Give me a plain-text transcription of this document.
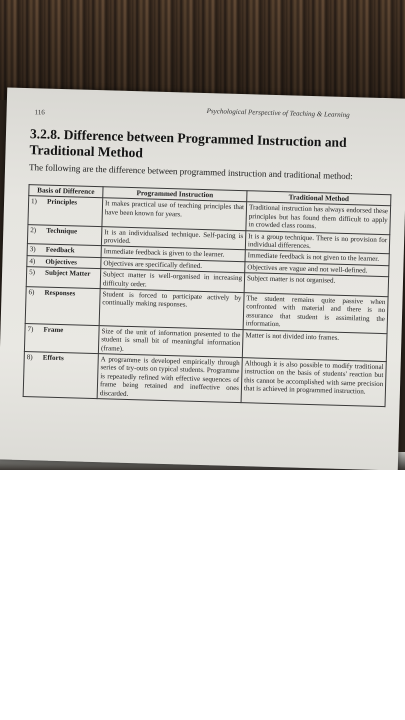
116	Psychological Perspective of Teaching & Learning
3.2.8. Difference between Programmed Instruction and Traditional Method
The following are the difference between programmed instruction and traditional method:
Basis of Difference	Programmed Instruction	Traditional Method

1) Principles	It makes practical use of teaching principles that have been known for years.	Traditional instruction has always endorsed these principles but has found them difficult to apply in crowded class rooms.

2) Technique	It is an individualised technique. Self-pacing is provided.	It is a group technique. There is no provision for individual differences.

3) Feedback	Immediate feedback is given to the learner.	Immediate feedback is not given to the learner.

4) Objectives	Objectives are specifically defined.	Objectives are vague and not well-defined.

5) Subject Matter	Subject matter is well-organised in increasing difficulty order.	Subject matter is not organised.

6) Responses	Student is forced to participate actively by continually making responses.	The student remains quite passive when confronted with material and there is no assurance that student is assimilating the information.

7) Frame	Size of the unit of information presented to the student is small bit of meaningful information (frame).	Matter is not divided into frames.

8) Efforts	A programme is developed empirically through series of try-outs on typical students. Programme is repeatedly refined with effective sequences of frame being retained and ineffective ones discarded.	Although it is also possible to modify traditional instruction on the basis of students' reaction but this cannot be accomplished with same precision that is achieved in programmed instruction.
